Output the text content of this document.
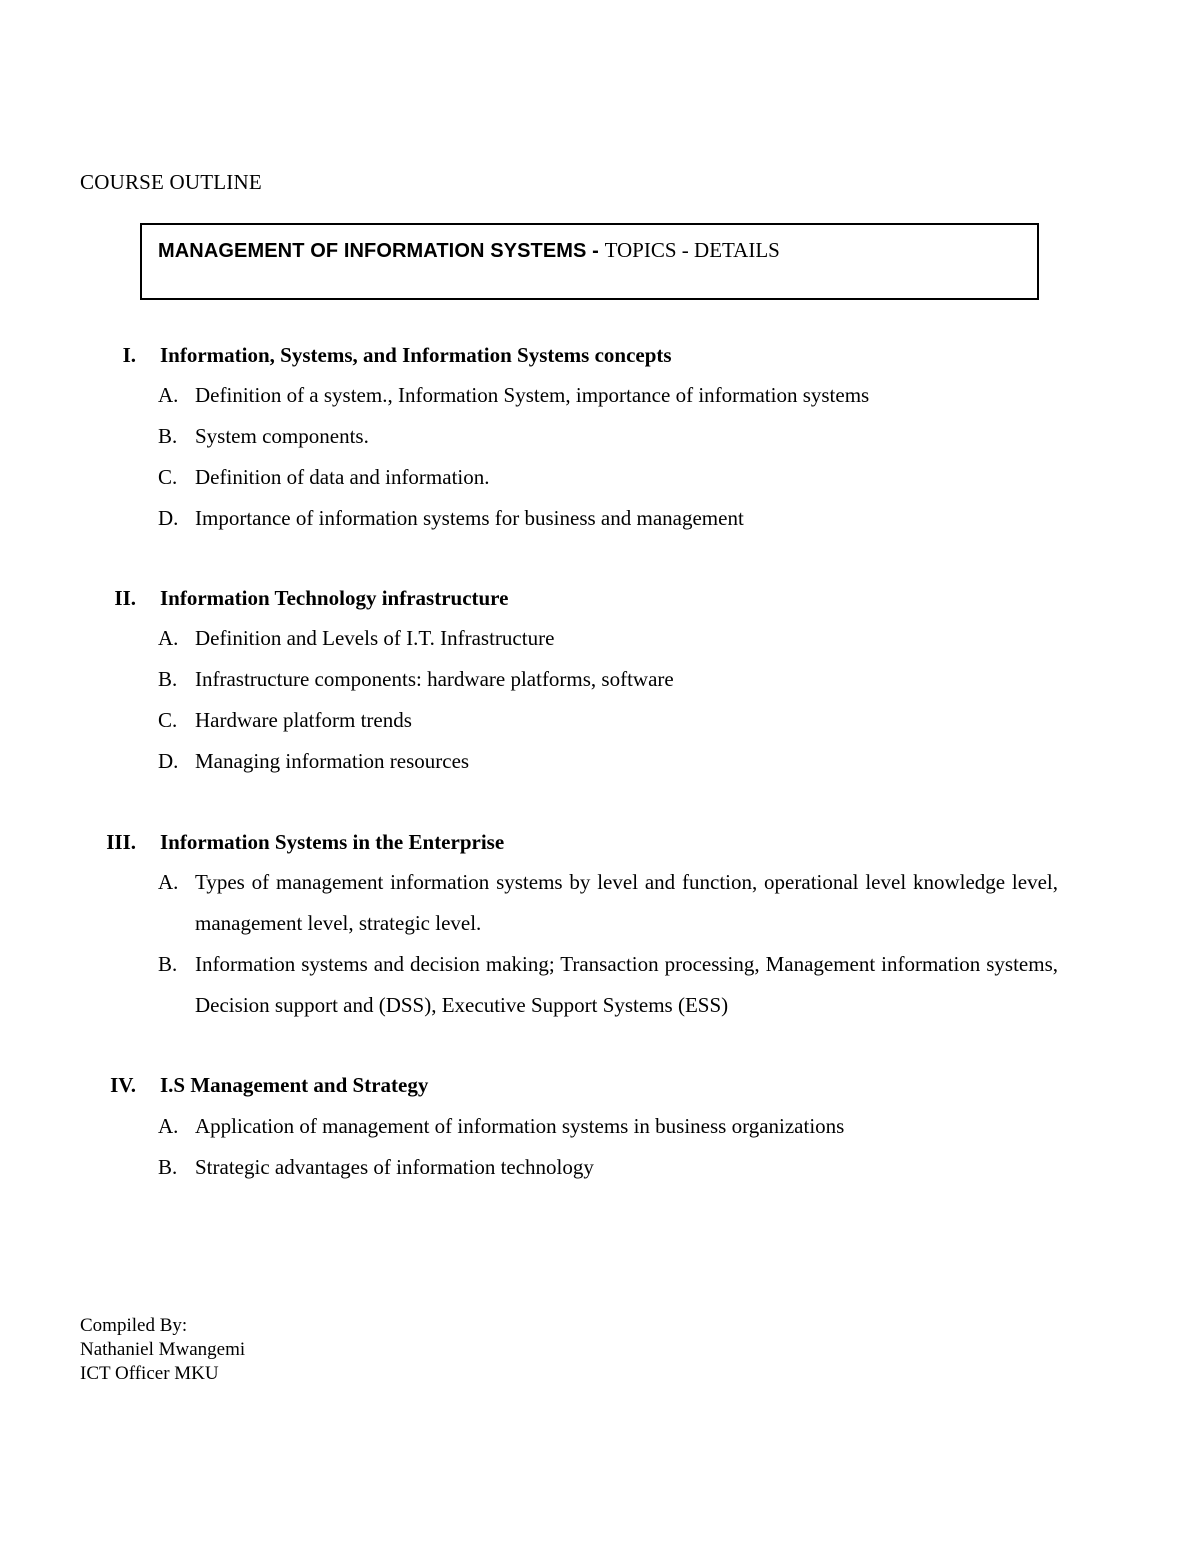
COURSE OUTLINE
MANAGEMENT OF INFORMATION SYSTEMS - TOPICS - DETAILS
I.	Information, Systems, and Information Systems concepts
A. Definition of a system., Information System, importance of information systems
B. System components.
C. Definition of data and information.
D. Importance of information systems for business and management
II.	Information Technology infrastructure
A. Definition and Levels of I.T. Infrastructure
B. Infrastructure components: hardware platforms, software
C. Hardware platform trends
D. Managing information resources
III.	Information Systems in the Enterprise
A. Types of management information systems by level and function, operational level knowledge level, management level, strategic level.
B. Information systems and decision making; Transaction processing, Management information systems, Decision support and (DSS), Executive Support Systems (ESS)
IV.	I.S Management and Strategy
A. Application of management of information systems in business organizations
B. Strategic advantages of information technology
Compiled By:
Nathaniel Mwangemi
ICT Officer MKU
